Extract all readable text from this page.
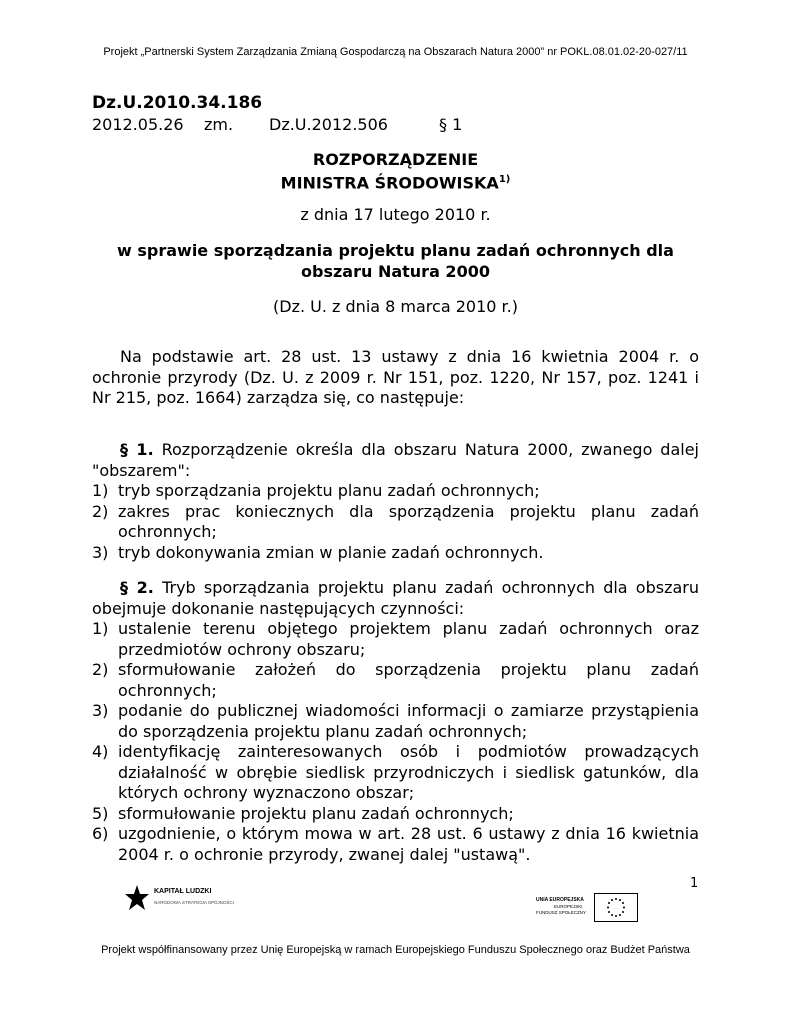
Projekt „Partnerski System Zarządzania Zmianą Gospodarczą na Obszarach Natura 2000” nr POKL.08.01.02-20-027/11
Dz.U.2010.34.186
2012.05.26 zm. Dz.U.2012.506	§ 1
ROZPORZĄDZENIE
MINISTRA ŚRODOWISKA$^{1)}$
z dnia 17 lutego 2010 r.
w sprawie sporządzania projektu planu zadań ochronnych dla obszaru Natura 2000
(Dz. U. z dnia 8 marca 2010 r.)

Na podstawie art. 28 ust. 13 ustawy z dnia 16 kwietnia 2004 r. o ochronie przyrody (Dz. U. z 2009 r. Nr 151, poz. 1220, Nr 157, poz. 1241 i Nr 215, poz. 1664) zarządza się, co następuje:

§ 1. Rozporządzenie określa dla obszaru Natura 2000, zwanego dalej "obszarem":

1) tryb sporządzania projektu planu zadań ochronnych;
2) zakres prac koniecznych dla sporządzenia projektu planu zadań ochronnych;
3) tryb dokonywania zmian w planie zadań ochronnych.

§ 2. Tryb sporządzania projektu planu zadań ochronnych dla obszaru obejmuje dokonanie następujących czynności:

1) ustalenie terenu objętego projektem planu zadań ochronnych oraz przedmiotów ochrony obszaru;
2) sformułowanie założeń do sporządzenia projektu planu zadań ochronnych;
3) podanie do publicznej wiadomości informacji o zamiarze przystąpienia do sporządzenia projektu planu zadań ochronnych;
4) identyfikację zainteresowanych osób i podmiotów prowadzących działalność w obrębie siedlisk przyrodniczych i siedlisk gatunków, dla których ochrony wyznaczono obszar;
5) sformułowanie projektu planu zadań ochronnych;
6) uzgodnienie, o którym mowa w art. 28 ust. 6 ustawy z dnia 16 kwietnia 2004 r. o ochronie przyrody, zwanej dalej "ustawą".
1
KAPITAŁ LUDZKI
NARODOWA STRATEGIA SPÓJNOŚCI	UNIA EUROPEJSKA
EUROPEJSKI
FUNDUSZ SPOŁECZNY
Projekt współfinansowany przez Unię Europejską w ramach Europejskiego Funduszu Społecznego oraz Budżet Państwa
